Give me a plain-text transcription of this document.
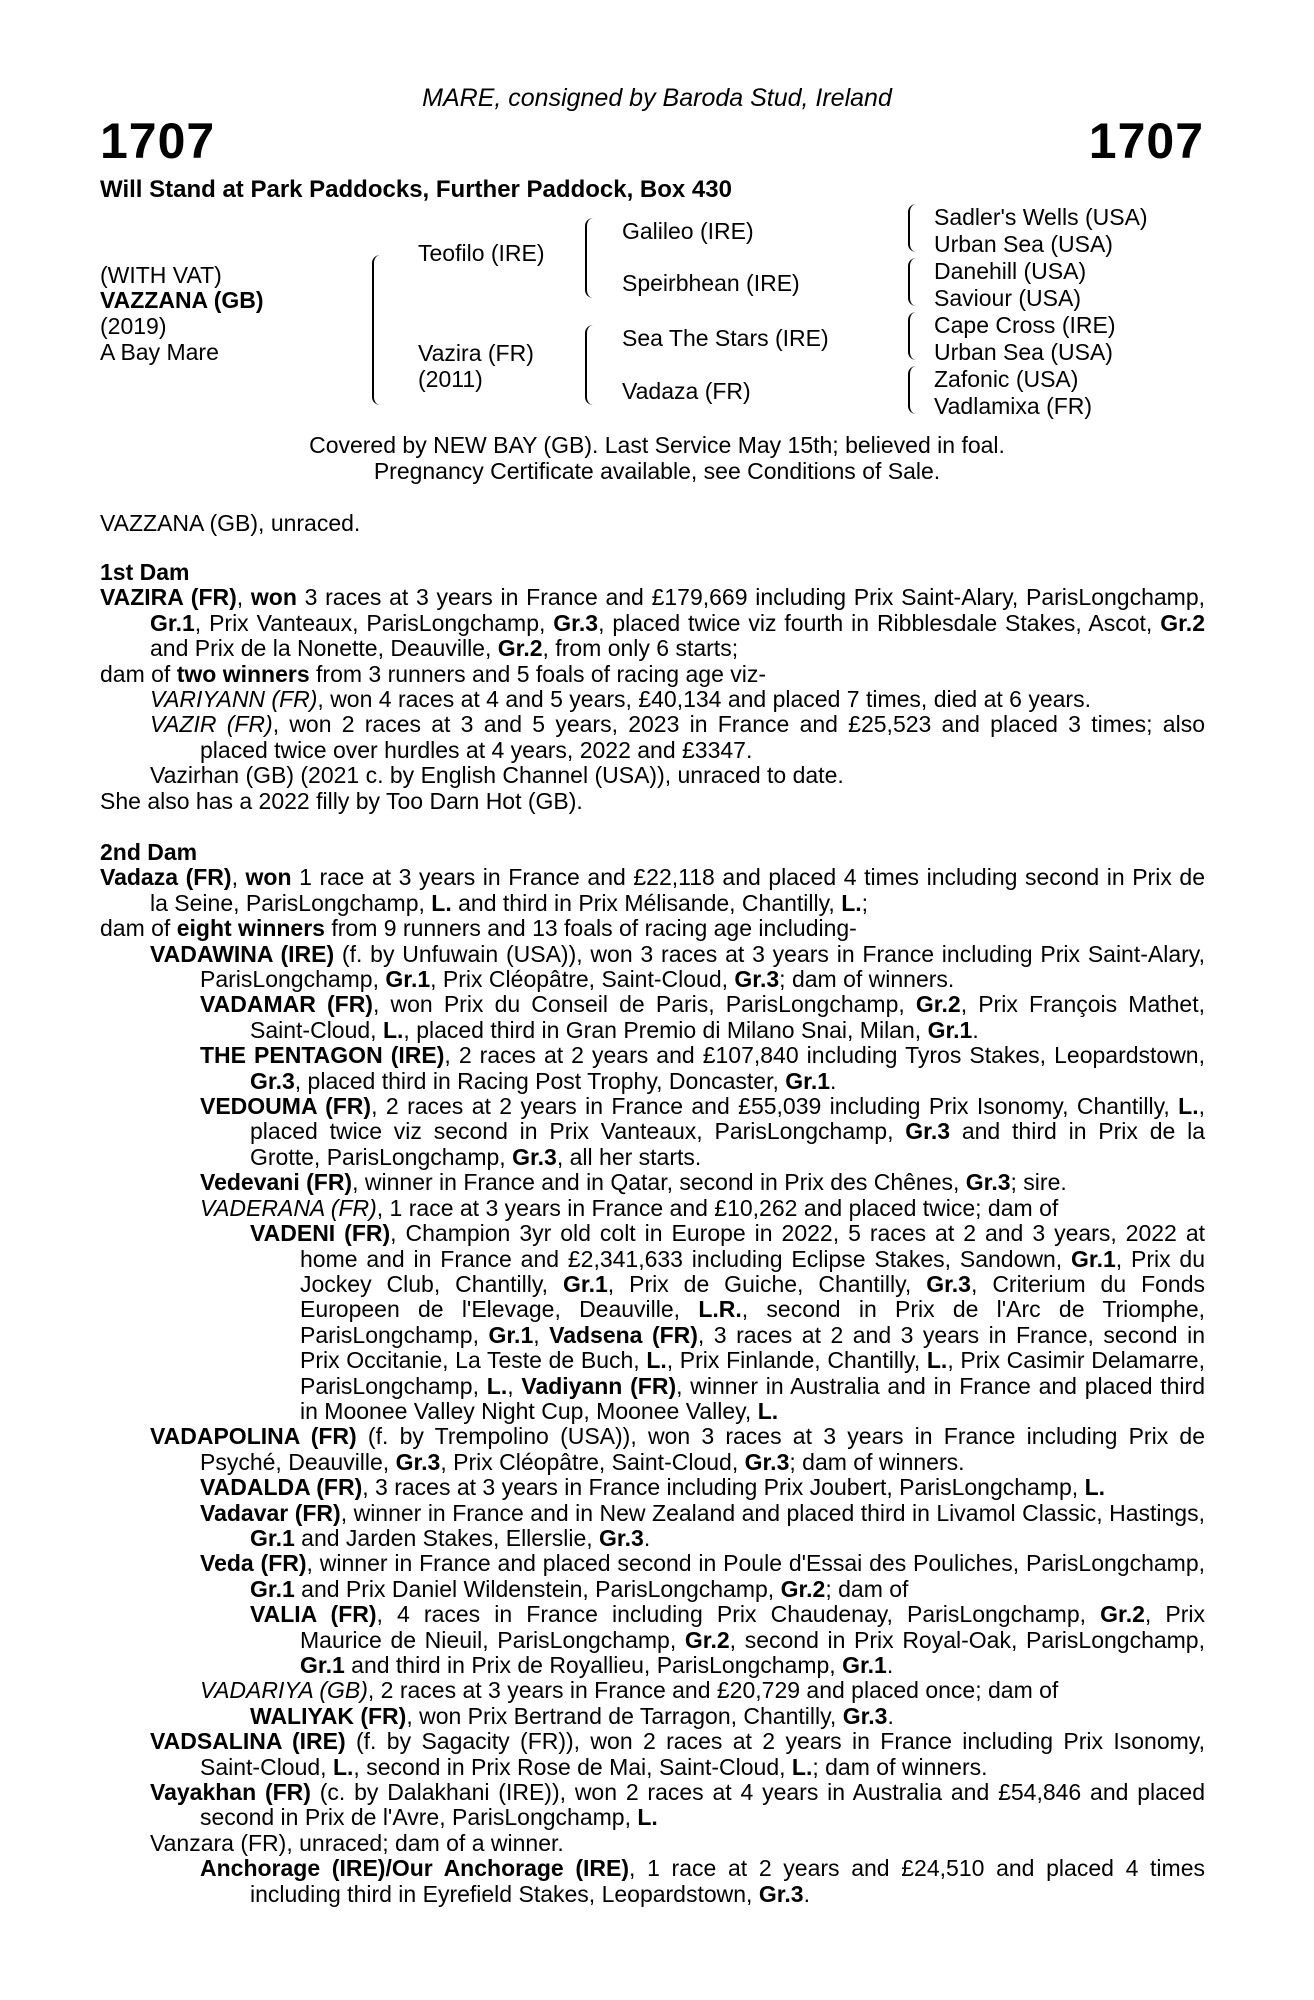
MARE, consigned by Baroda Stud, Ireland
1707	1707
Will Stand at Park Paddocks, Further Paddock, Box 430
(WITH VAT)
VAZZANA (GB)
(2019)
A Bay Mare
Teofilo (IRE)
Vazira (FR)
(2011)
Galileo (IRE)
Speirbhean (IRE)
Sea The Stars (IRE)
Vadaza (FR)
Sadler's Wells (USA)
Urban Sea (USA)
Danehill (USA)
Saviour (USA)
Cape Cross (IRE)
Urban Sea (USA)
Zafonic (USA)
Vadlamixa (FR)
Covered by NEW BAY (GB). Last Service May 15th; believed in foal.
Pregnancy Certificate available, see Conditions of Sale.
VAZZANA (GB), unraced.
1st Dam

VAZIRA (FR), won 3 races at 3 years in France and £179,669 including Prix Saint-Alary, ParisLongchamp, Gr.1, Prix Vanteaux, ParisLongchamp, Gr.3, placed twice viz fourth in Ribblesdale Stakes, Ascot, Gr.2 and Prix de la Nonette, Deauville, Gr.2, from only 6 starts;

dam of two winners from 3 runners and 5 foals of racing age viz-

VARIYANN (FR), won 4 races at 4 and 5 years, £40,134 and placed 7 times, died at 6 years.

VAZIR (FR), won 2 races at 3 and 5 years, 2023 in France and £25,523 and placed 3 times; also placed twice over hurdles at 4 years, 2022 and £3347.

Vazirhan (GB) (2021 c. by English Channel (USA)), unraced to date.

She also has a 2022 filly by Too Darn Hot (GB).

2nd Dam

Vadaza (FR), won 1 race at 3 years in France and £22,118 and placed 4 times including second in Prix de la Seine, ParisLongchamp, L. and third in Prix Mélisande, Chantilly, L.;

dam of eight winners from 9 runners and 13 foals of racing age including-

VADAWINA (IRE) (f. by Unfuwain (USA)), won 3 races at 3 years in France including Prix Saint-Alary, ParisLongchamp, Gr.1, Prix Cléopâtre, Saint-Cloud, Gr.3; dam of winners.

VADAMAR (FR), won Prix du Conseil de Paris, ParisLongchamp, Gr.2, Prix François Mathet, Saint-Cloud, L., placed third in Gran Premio di Milano Snai, Milan, Gr.1.

THE PENTAGON (IRE), 2 races at 2 years and £107,840 including Tyros Stakes, Leopardstown, Gr.3, placed third in Racing Post Trophy, Doncaster, Gr.1.

VEDOUMA (FR), 2 races at 2 years in France and £55,039 including Prix Isonomy, Chantilly, L., placed twice viz second in Prix Vanteaux, ParisLongchamp, Gr.3 and third in Prix de la Grotte, ParisLongchamp, Gr.3, all her starts.

Vedevani (FR), winner in France and in Qatar, second in Prix des Chênes, Gr.3; sire.

VADERANA (FR), 1 race at 3 years in France and £10,262 and placed twice; dam of

VADENI (FR), Champion 3yr old colt in Europe in 2022, 5 races at 2 and 3 years, 2022 at home and in France and £2,341,633 including Eclipse Stakes, Sandown, Gr.1, Prix du Jockey Club, Chantilly, Gr.1, Prix de Guiche, Chantilly, Gr.3, Criterium du Fonds Europeen de l'Elevage, Deauville, L.R., second in Prix de l'Arc de Triomphe, ParisLongchamp, Gr.1, Vadsena (FR), 3 races at 2 and 3 years in France, second in Prix Occitanie, La Teste de Buch, L., Prix Finlande, Chantilly, L., Prix Casimir Delamarre, ParisLongchamp, L., Vadiyann (FR), winner in Australia and in France and placed third in Moonee Valley Night Cup, Moonee Valley, L.

VADAPOLINA (FR) (f. by Trempolino (USA)), won 3 races at 3 years in France including Prix de Psyché, Deauville, Gr.3, Prix Cléopâtre, Saint-Cloud, Gr.3; dam of winners.

VADALDA (FR), 3 races at 3 years in France including Prix Joubert, ParisLongchamp, L.

Vadavar (FR), winner in France and in New Zealand and placed third in Livamol Classic, Hastings, Gr.1 and Jarden Stakes, Ellerslie, Gr.3.

Veda (FR), winner in France and placed second in Poule d'Essai des Pouliches, ParisLongchamp, Gr.1 and Prix Daniel Wildenstein, ParisLongchamp, Gr.2; dam of

VALIA (FR), 4 races in France including Prix Chaudenay, ParisLongchamp, Gr.2, Prix Maurice de Nieuil, ParisLongchamp, Gr.2, second in Prix Royal-Oak, ParisLongchamp, Gr.1 and third in Prix de Royallieu, ParisLongchamp, Gr.1.

VADARIYA (GB), 2 races at 3 years in France and £20,729 and placed once; dam of

WALIYAK (FR), won Prix Bertrand de Tarragon, Chantilly, Gr.3.

VADSALINA (IRE) (f. by Sagacity (FR)), won 2 races at 2 years in France including Prix Isonomy, Saint-Cloud, L., second in Prix Rose de Mai, Saint-Cloud, L.; dam of winners.

Vayakhan (FR) (c. by Dalakhani (IRE)), won 2 races at 4 years in Australia and £54,846 and placed second in Prix de l'Avre, ParisLongchamp, L.

Vanzara (FR), unraced; dam of a winner.

Anchorage (IRE)/Our Anchorage (IRE), 1 race at 2 years and £24,510 and placed 4 times including third in Eyrefield Stakes, Leopardstown, Gr.3.
